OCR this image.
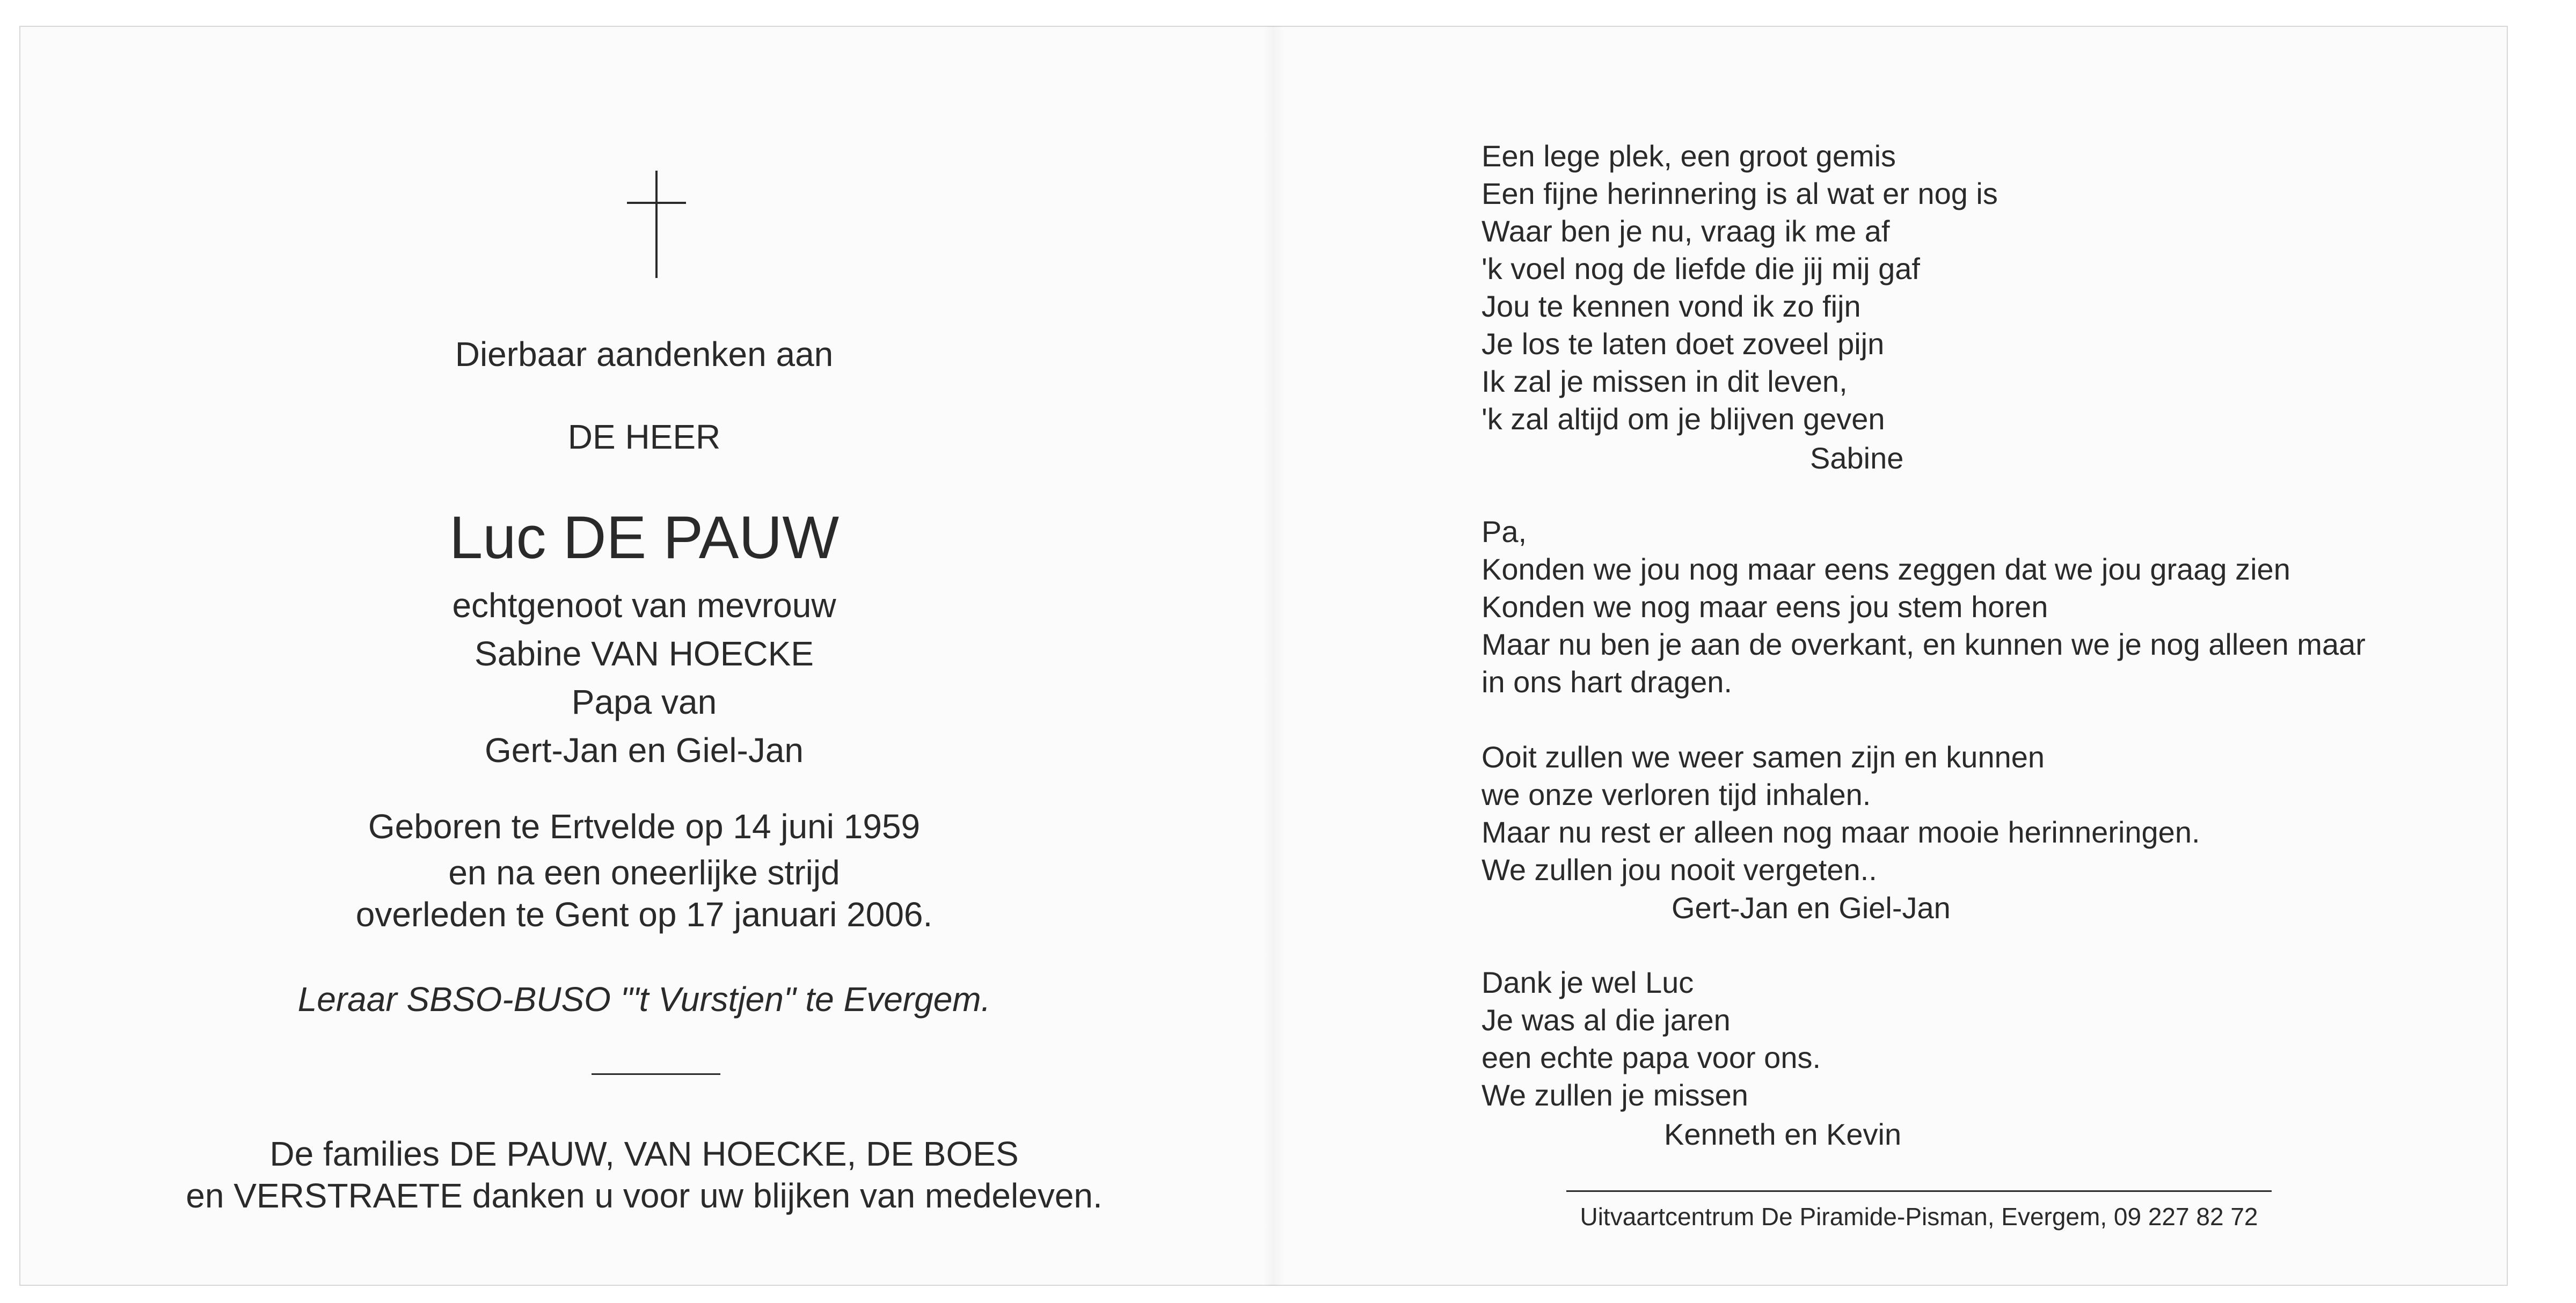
Dierbaar aandenken aan
DE HEER
Luc DE PAUW
echtgenoot van mevrouw
Sabine VAN HOECKE
Papa van
Gert-Jan en Giel-Jan
Geboren te Ertvelde op 14 juni 1959
en na een oneerlijke strijd
overleden te Gent op 17 januari 2006.
Leraar SBSO-BUSO "'t Vurstjen" te Evergem.
De families DE PAUW, VAN HOECKE, DE BOES
en VERSTRAETE danken u voor uw blijken van medeleven.
Een lege plek, een groot gemis
Een fijne herinnering is al wat er nog is
Waar ben je nu, vraag ik me af
'k voel nog de liefde die jij mij gaf
Jou te kennen vond ik zo fijn
Je los te laten doet zoveel pijn
Ik zal je missen in dit leven,
'k zal altijd om je blijven geven
Sabine
Pa,
Konden we jou nog maar eens zeggen dat we jou graag zien
Konden we nog maar eens jou stem horen
Maar nu ben je aan de overkant, en kunnen we je nog alleen maar
in ons hart dragen.
Ooit zullen we weer samen zijn en kunnen
we onze verloren tijd inhalen.
Maar nu rest er alleen nog maar mooie herinneringen.
We zullen jou nooit vergeten..
Gert-Jan en Giel-Jan
Dank je wel Luc
Je was al die jaren
een echte papa voor ons.
We zullen je missen
Kenneth en Kevin
Uitvaartcentrum De Piramide-Pisman, Evergem, 09 227 82 72
